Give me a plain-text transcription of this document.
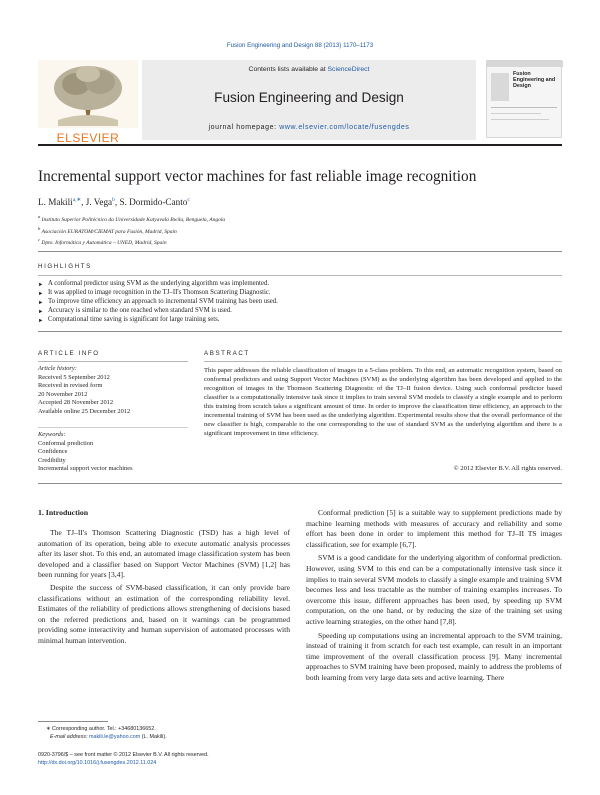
Fusion Engineering and Design 88 (2013) 1170–1173
ELSEVIER
Contents lists available at ScienceDirect
Fusion Engineering and Design
journal homepage: www.elsevier.com/locate/fusengdes
Fusion Engineering and Design
Incremental support vector machines for fast reliable image recognition
L. Makili$^{a,∗}$, J. Vega$^b$, S. Dormido-Canto$^c$
$^a$ Instituto Superior Politécnico da Universidade Katyavala Bwila, Benguela, Angola
$^b$ Asociación EURATOM/CIEMAT para Fusión, Madrid, Spain
$^c$ Dpto. Informática y Automática – UNED, Madrid, Spain
HIGHLIGHTS
► A conformal predictor using SVM as the underlying algorithm was implemented.
► It was applied to image recognition in the TJ–II's Thomson Scattering Diagnostic.
► To improve time efficiency an approach to incremental SVM training has been used.
► Accuracy is similar to the one reached when standard SVM is used.
► Computational time saving is significant for large training sets.
ARTICLE INFO
Article history:
Received 5 September 2012
Received in revised form
20 November 2012
Accepted 28 November 2012
Available online 25 December 2012
Keywords:
Conformal prediction
Confidence
Credibility
Incremental support vector machines
ABSTRACT
This paper addresses the reliable classification of images in a 5-class problem. To this end, an automatic recognition system, based on conformal predictors and using Support Vector Machines (SVM) as the underlying algorithm has been developed and applied to the recognition of images in the Thomson Scattering Diagnostic of the TJ–II fusion device. Using such conformal predictor based classifier is a computationally intensive task since it implies to train several SVM models to classify a single example and to perform this training from scratch takes a significant amount of time. In order to improve the classification time efficiency, an approach to the incremental training of SVM has been used as the underlying algorithm. Experimental results show that the overall performance of the new classifier is high, comparable to the one corresponding to the use of standard SVM as the underlying algorithm and there is a significant improvement in time efficiency.
© 2012 Elsevier B.V. All rights reserved.
1. Introduction

The TJ–II's Thomson Scattering Diagnostic (TSD) has a high level of automation of its operation, being able to execute automatic analysis processes after its laser shot. To this end, an automated image classification system has been developed and a classifier based on Support Vector Machines (SVM) [1,2] has been running for years [3,4].

Despite the success of SVM-based classification, it can only provide bare classifications without an estimation of the corresponding reliability level. Estimates of the reliability of predictions allows strengthening of decisions based on the referred predictions and, based on it warnings can be programmed providing some interactivity and human supervision of automated processes with minimal human intervention.

Conformal prediction [5] is a suitable way to supplement predictions made by machine learning methods with measures of accuracy and reliability and some effort has been done in order to implement this method for TJ–II TS images classification, see for example [6,7].

SVM is a good candidate for the underlying algorithm of conformal prediction. However, using SVM to this end can be a computationally intensive task since it implies to train several SVM models to classify a single example and training SVM becomes less and less tractable as the number of training examples increases. To overcome this issue, different approaches has been used, by speeding up SVM computation, on the one hand, or by reducing the size of the training set using active learning strategies, on the other hand [7,8].

Speeding up computations using an incremental approach to the SVM training, instead of training it from scratch for each test example, can result in an important time improvement of the overall classification process [9]. Many incremental approaches to SVM training have been proposed, mainly to address the problems of both learning from very large data sets and active learning. There

∗ Corresponding author. Tel.: +34680136652.
E-mail address: makili.le@yahoo.com (L. Makili).
0920-3796/$ – see front matter © 2012 Elsevier B.V. All rights reserved.
http://dx.doi.org/10.1016/j.fusengdes.2012.11.024
